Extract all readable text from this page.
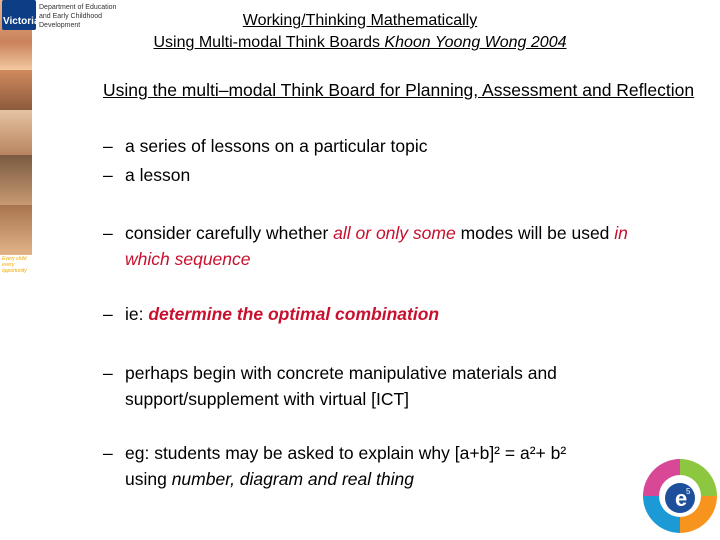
Every child every opportunity
Victoria
Department of Education and Early Childhood Development	Working/Thinking Mathematically
Using Multi-modal Think Boards Khoon Yoong Wong 2004
Using the multi–modal Think Board for Planning, Assessment and Reflection
– a series of lessons on a particular topic
– a lesson
– consider carefully whether all or only some modes will be used in which sequence
– ie: determine the optimal combination
– perhaps begin with concrete manipulative materials and support/supplement with virtual [ICT]
– eg: students may be asked to explain why [a+b]² = a²+ b² using number, diagram and real thing
e
5
